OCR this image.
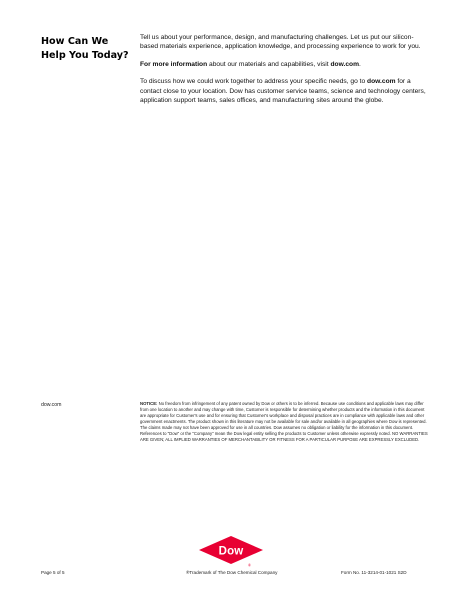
How Can We Help You Today?

Tell us about your performance, design, and manufacturing challenges. Let us put our silicon-based materials experience, application knowledge, and processing experience to work for you.

For more information about our materials and capabilities, visit dow.com.

To discuss how we could work together to address your specific needs, go to dow.com for a contact close to your location. Dow has customer service teams, science and technology centers, application support teams, sales offices, and manufacturing sites around the globe.

dow.com	NOTICE: No freedom from infringement of any patent owned by Dow or others is to be inferred. Because use conditions and applicable laws may differ from one location to another and may change with time, Customer is responsible for determining whether products and the information in this document are appropriate for Customer's use and for ensuring that Customer's workplace and disposal practices are in compliance with applicable laws and other government enactments. The product shown in this literature may not be available for sale and/or available in all geographies where Dow is represented. The claims made may not have been approved for use in all countries. Dow assumes no obligation or liability for the information in this document. References to "Dow" or the "Company" mean the Dow legal entity selling the products to Customer unless otherwise expressly noted. NO WARRANTIES ARE GIVEN; ALL IMPLIED WARRANTIES OF MERCHANTABILITY OR FITNESS FOR A PARTICULAR PURPOSE ARE EXPRESSLY EXCLUDED.
Dow
®
Page 5 of 5	®Trademark of The Dow Chemical Company	Form No. 11-3214-01-1021 S2D
